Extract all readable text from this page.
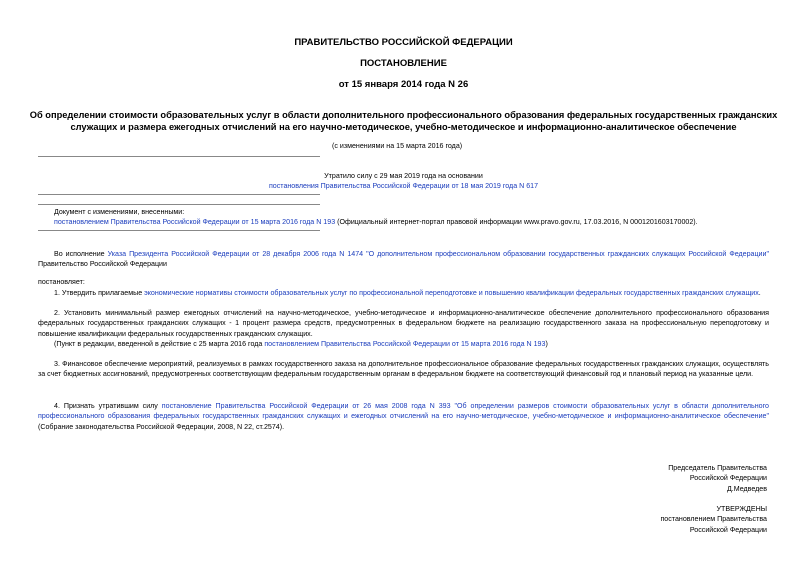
ПРАВИТЕЛЬСТВО РОССИЙСКОЙ ФЕДЕРАЦИИ
ПОСТАНОВЛЕНИЕ
от 15 января 2014 года N 26
Об определении стоимости образовательных услуг в области дополнительного профессионального образования федеральных государственных гражданских служащих и размера ежегодных отчислений на его научно-методическое, учебно-методическое и информационно-аналитическое обеспечение
(с изменениями на 15 марта 2016 года)
Утратило силу с 29 мая 2019 года на основании
постановления Правительства Российской Федерации от 18 мая 2019 года N 617
Документ с изменениями, внесенными:
постановлением Правительства Российской Федерации от 15 марта 2016 года N 193 (Официальный интернет-портал правовой информации www.pravo.gov.ru, 17.03.2016, N 0001201603170002).
Во исполнение Указа Президента Российской Федерации от 28 декабря 2006 года N 1474 "О дополнительном профессиональном образовании государственных гражданских служащих Российской Федерации" Правительство Российской Федерации
постановляет:
1. Утвердить прилагаемые экономические нормативы стоимости образовательных услуг по профессиональной переподготовке и повышению квалификации федеральных государственных гражданских служащих.
2. Установить минимальный размер ежегодных отчислений на научно-методическое, учебно-методическое и информационно-аналитическое обеспечение дополнительного профессионального образования федеральных государственных гражданских служащих - 1 процент размера средств, предусмотренных в федеральном бюджете на реализацию государственного заказа на профессиональную переподготовку и повышение квалификации федеральных государственных гражданских служащих.
(Пункт в редакции, введенной в действие с 25 марта 2016 года постановлением Правительства Российской Федерации от 15 марта 2016 года N 193)
3. Финансовое обеспечение мероприятий, реализуемых в рамках государственного заказа на дополнительное профессиональное образование федеральных государственных гражданских служащих, осуществлять за счет бюджетных ассигнований, предусмотренных соответствующим федеральным государственным органам в федеральном бюджете на соответствующий финансовый год и плановый период на указанные цели.
4. Признать утратившим силу постановление Правительства Российской Федерации от 26 мая 2008 года N 393 "Об определении размеров стоимости образовательных услуг в области дополнительного профессионального образования федеральных государственных гражданских служащих и ежегодных отчислений на его научно-методическое, учебно-методическое и информационно-аналитическое обеспечение" (Собрание законодательства Российской Федерации, 2008, N 22, ст.2574).
Председатель Правительства
Российской Федерации
Д.Медведев
УТВЕРЖДЕНЫ
постановлением Правительства
Российской Федерации
